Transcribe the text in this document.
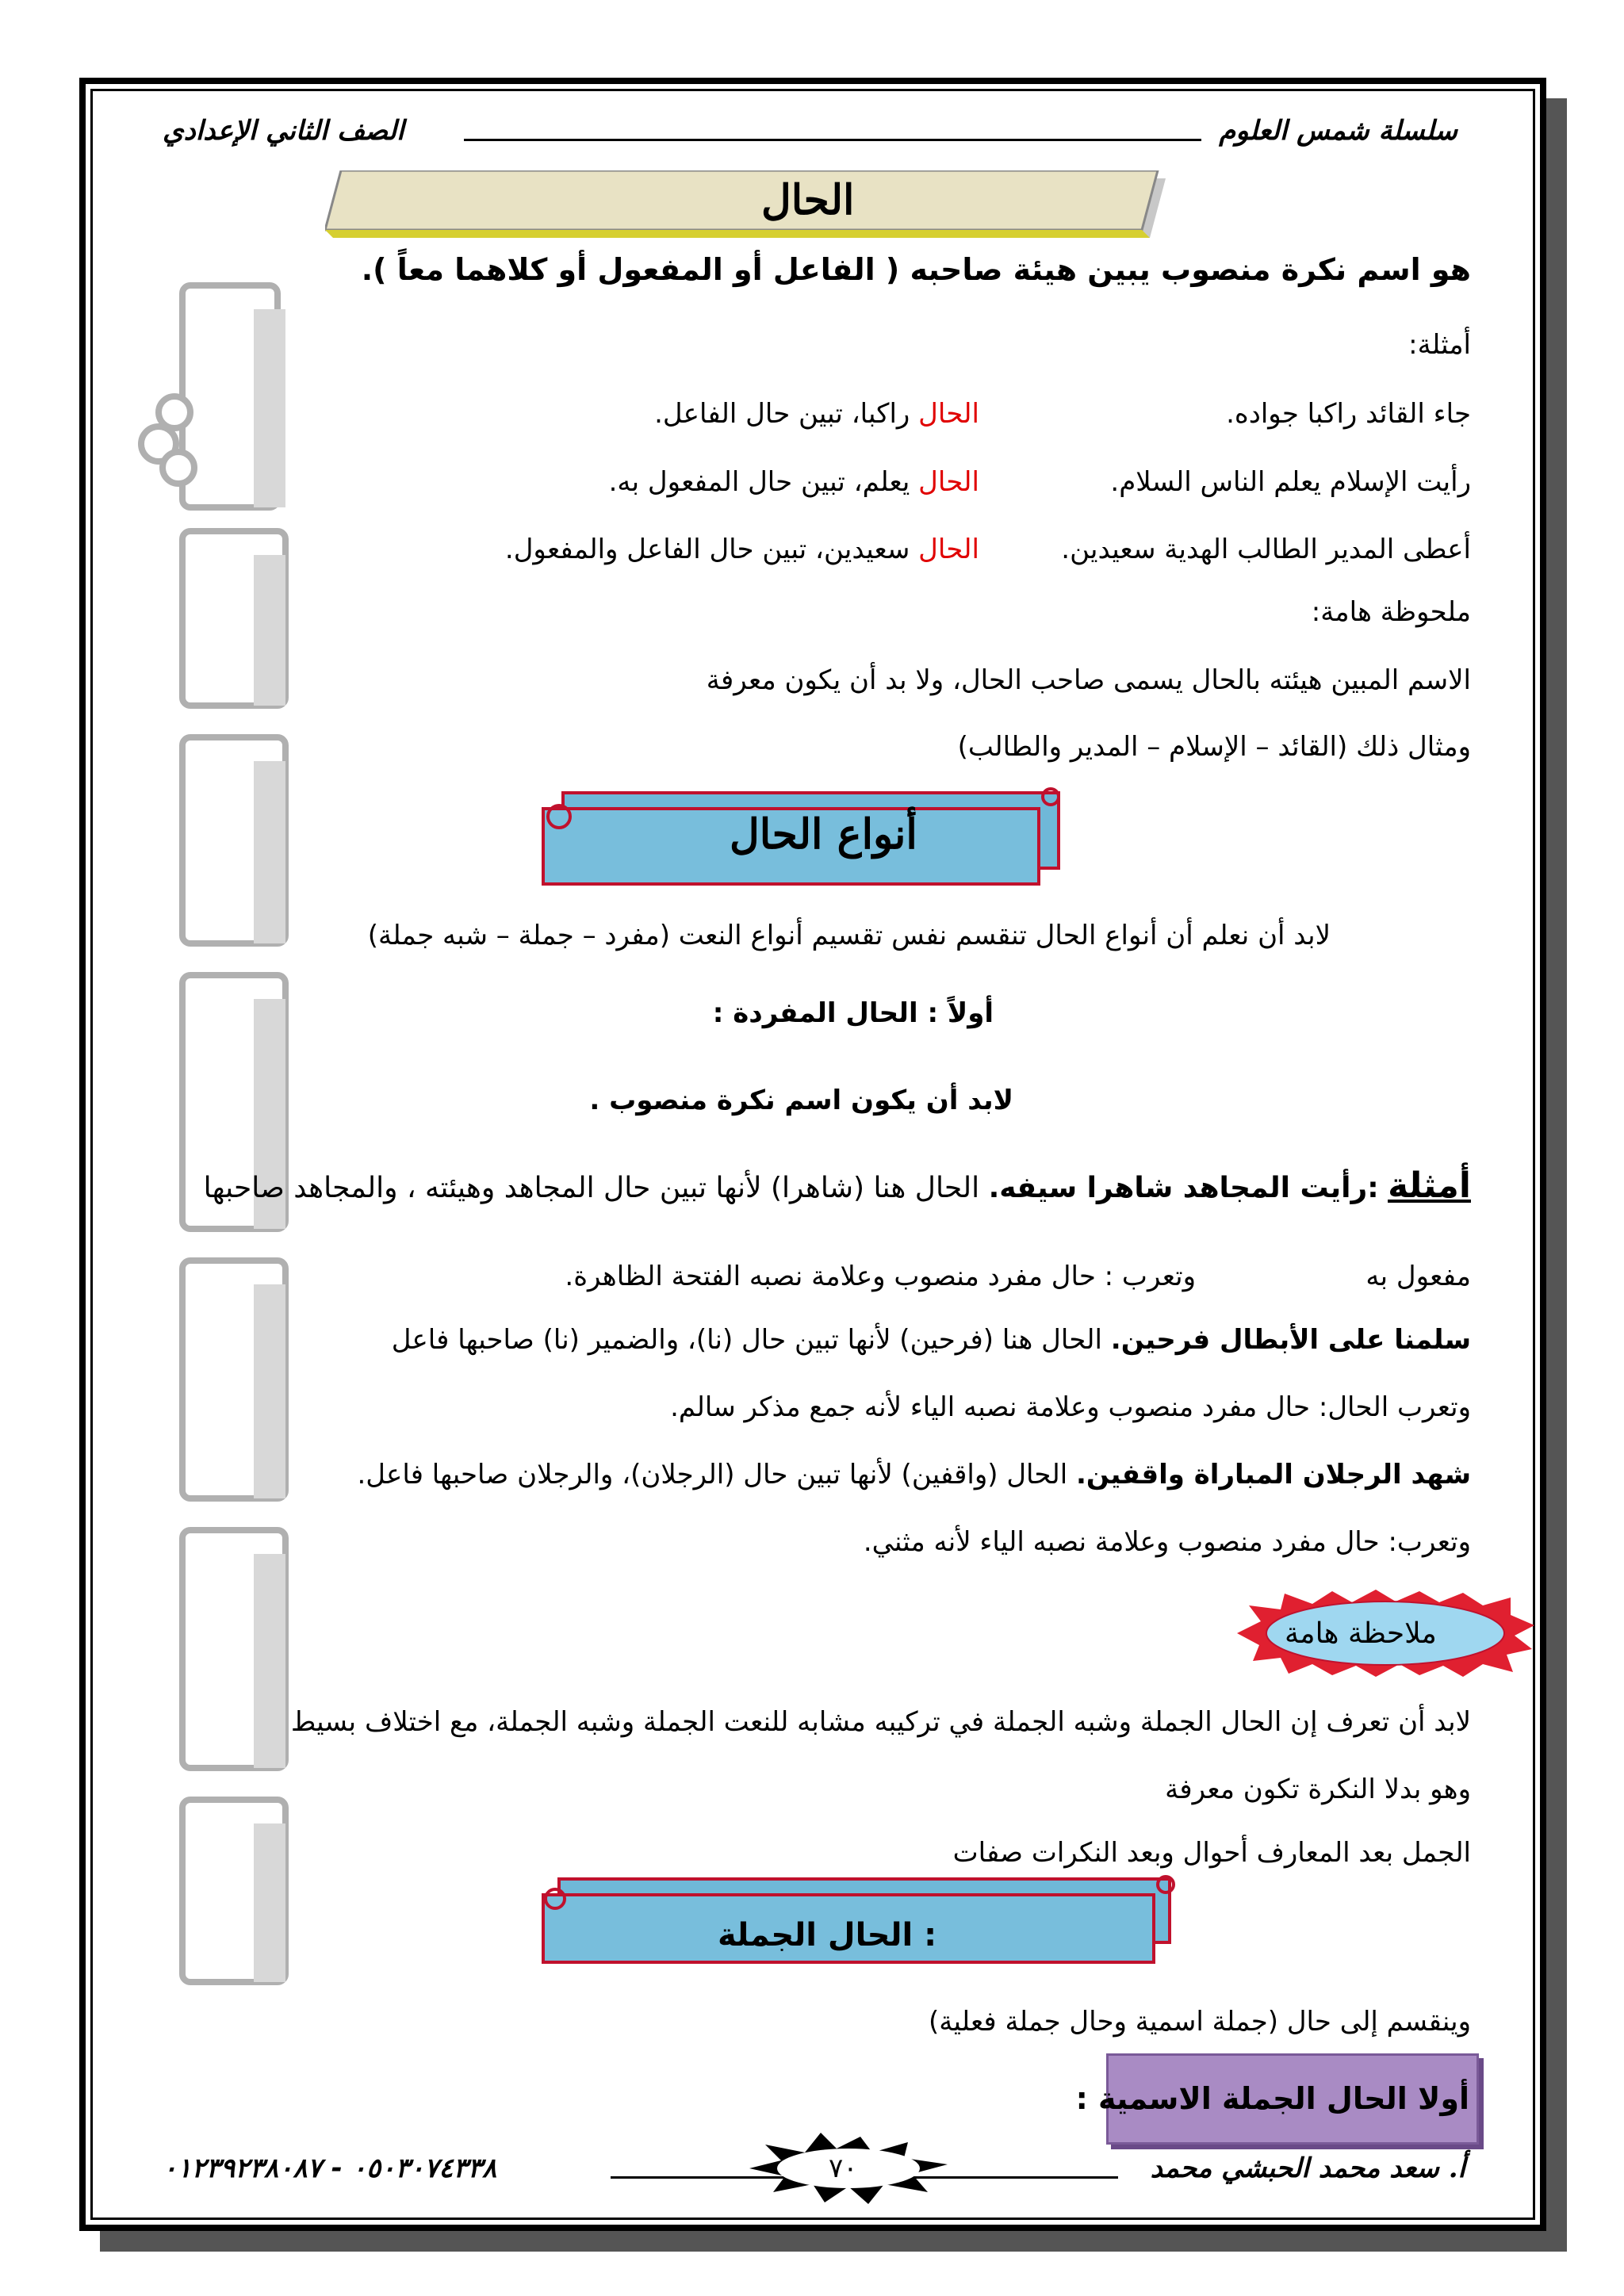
سلسلة شمس العلوم
الصف الثاني الإعدادي
الحال
هو اسم نكرة منصوب يبين هيئة صاحبه ( الفاعل أو المفعول أو كلاهما معاً ).
أمثلة:
جاء القائد راكبا جواده.
الحال راكبا، تبين حال الفاعل.
رأيت الإسلام يعلم الناس السلام.
الحال يعلم، تبين حال المفعول به.
أعطى المدير الطالب الهدية سعيدين.
الحال سعيدين، تبين حال الفاعل والمفعول.
ملحوظة هامة:
الاسم المبين هيئته بالحال يسمى صاحب الحال، ولا بد أن يكون معرفة
ومثال ذلك (القائد – الإسلام – المدير والطالب)
أنواع الحال
لابد أن نعلم أن أنواع الحال تنقسم نفس تقسيم أنواع النعت (مفرد – جملة – شبه جملة)
أولاً : الحال المفردة :
لابد أن يكون اسم نكرة منصوب .
أمثلة :رأيت المجاهد شاهرا سيفه. الحال هنا (شاهرا) لأنها تبين حال المجاهد وهيئته ، والمجاهد صاحبها
مفعول به
وتعرب : حال مفرد منصوب وعلامة نصبه الفتحة الظاهرة.
سلمنا على الأبطال فرحين. الحال هنا (فرحين) لأنها تبين حال (نا)، والضمير (نا) صاحبها فاعل
وتعرب الحال: حال مفرد منصوب وعلامة نصبه الياء لأنه جمع مذكر سالم.
شهد الرجلان المباراة واقفين. الحال (واقفين) لأنها تبين حال (الرجلان)، والرجلان صاحبها فاعل.
وتعرب: حال مفرد منصوب وعلامة نصبه الياء لأنه مثني.
ملاحظة هامة
لابد أن تعرف إن الحال الجملة وشبه الجملة في تركيبه مشابه للنعت الجملة وشبه الجملة، مع اختلاف بسيط
وهو بدلا النكرة تكون معرفة
الجمل بعد المعارف أحوال وبعد النكرات صفات
: الحال الجملة
وينقسم إلى حال (جملة اسمية وحال جملة فعلية)
أولا الحال الجملة الاسمية :
أ. سعد محمد الحبشي محمد
٠٥٠٣٠٧٤٣٣٨ - ٠١٢٣٩٢٣٨٠٨٧	٧٠
